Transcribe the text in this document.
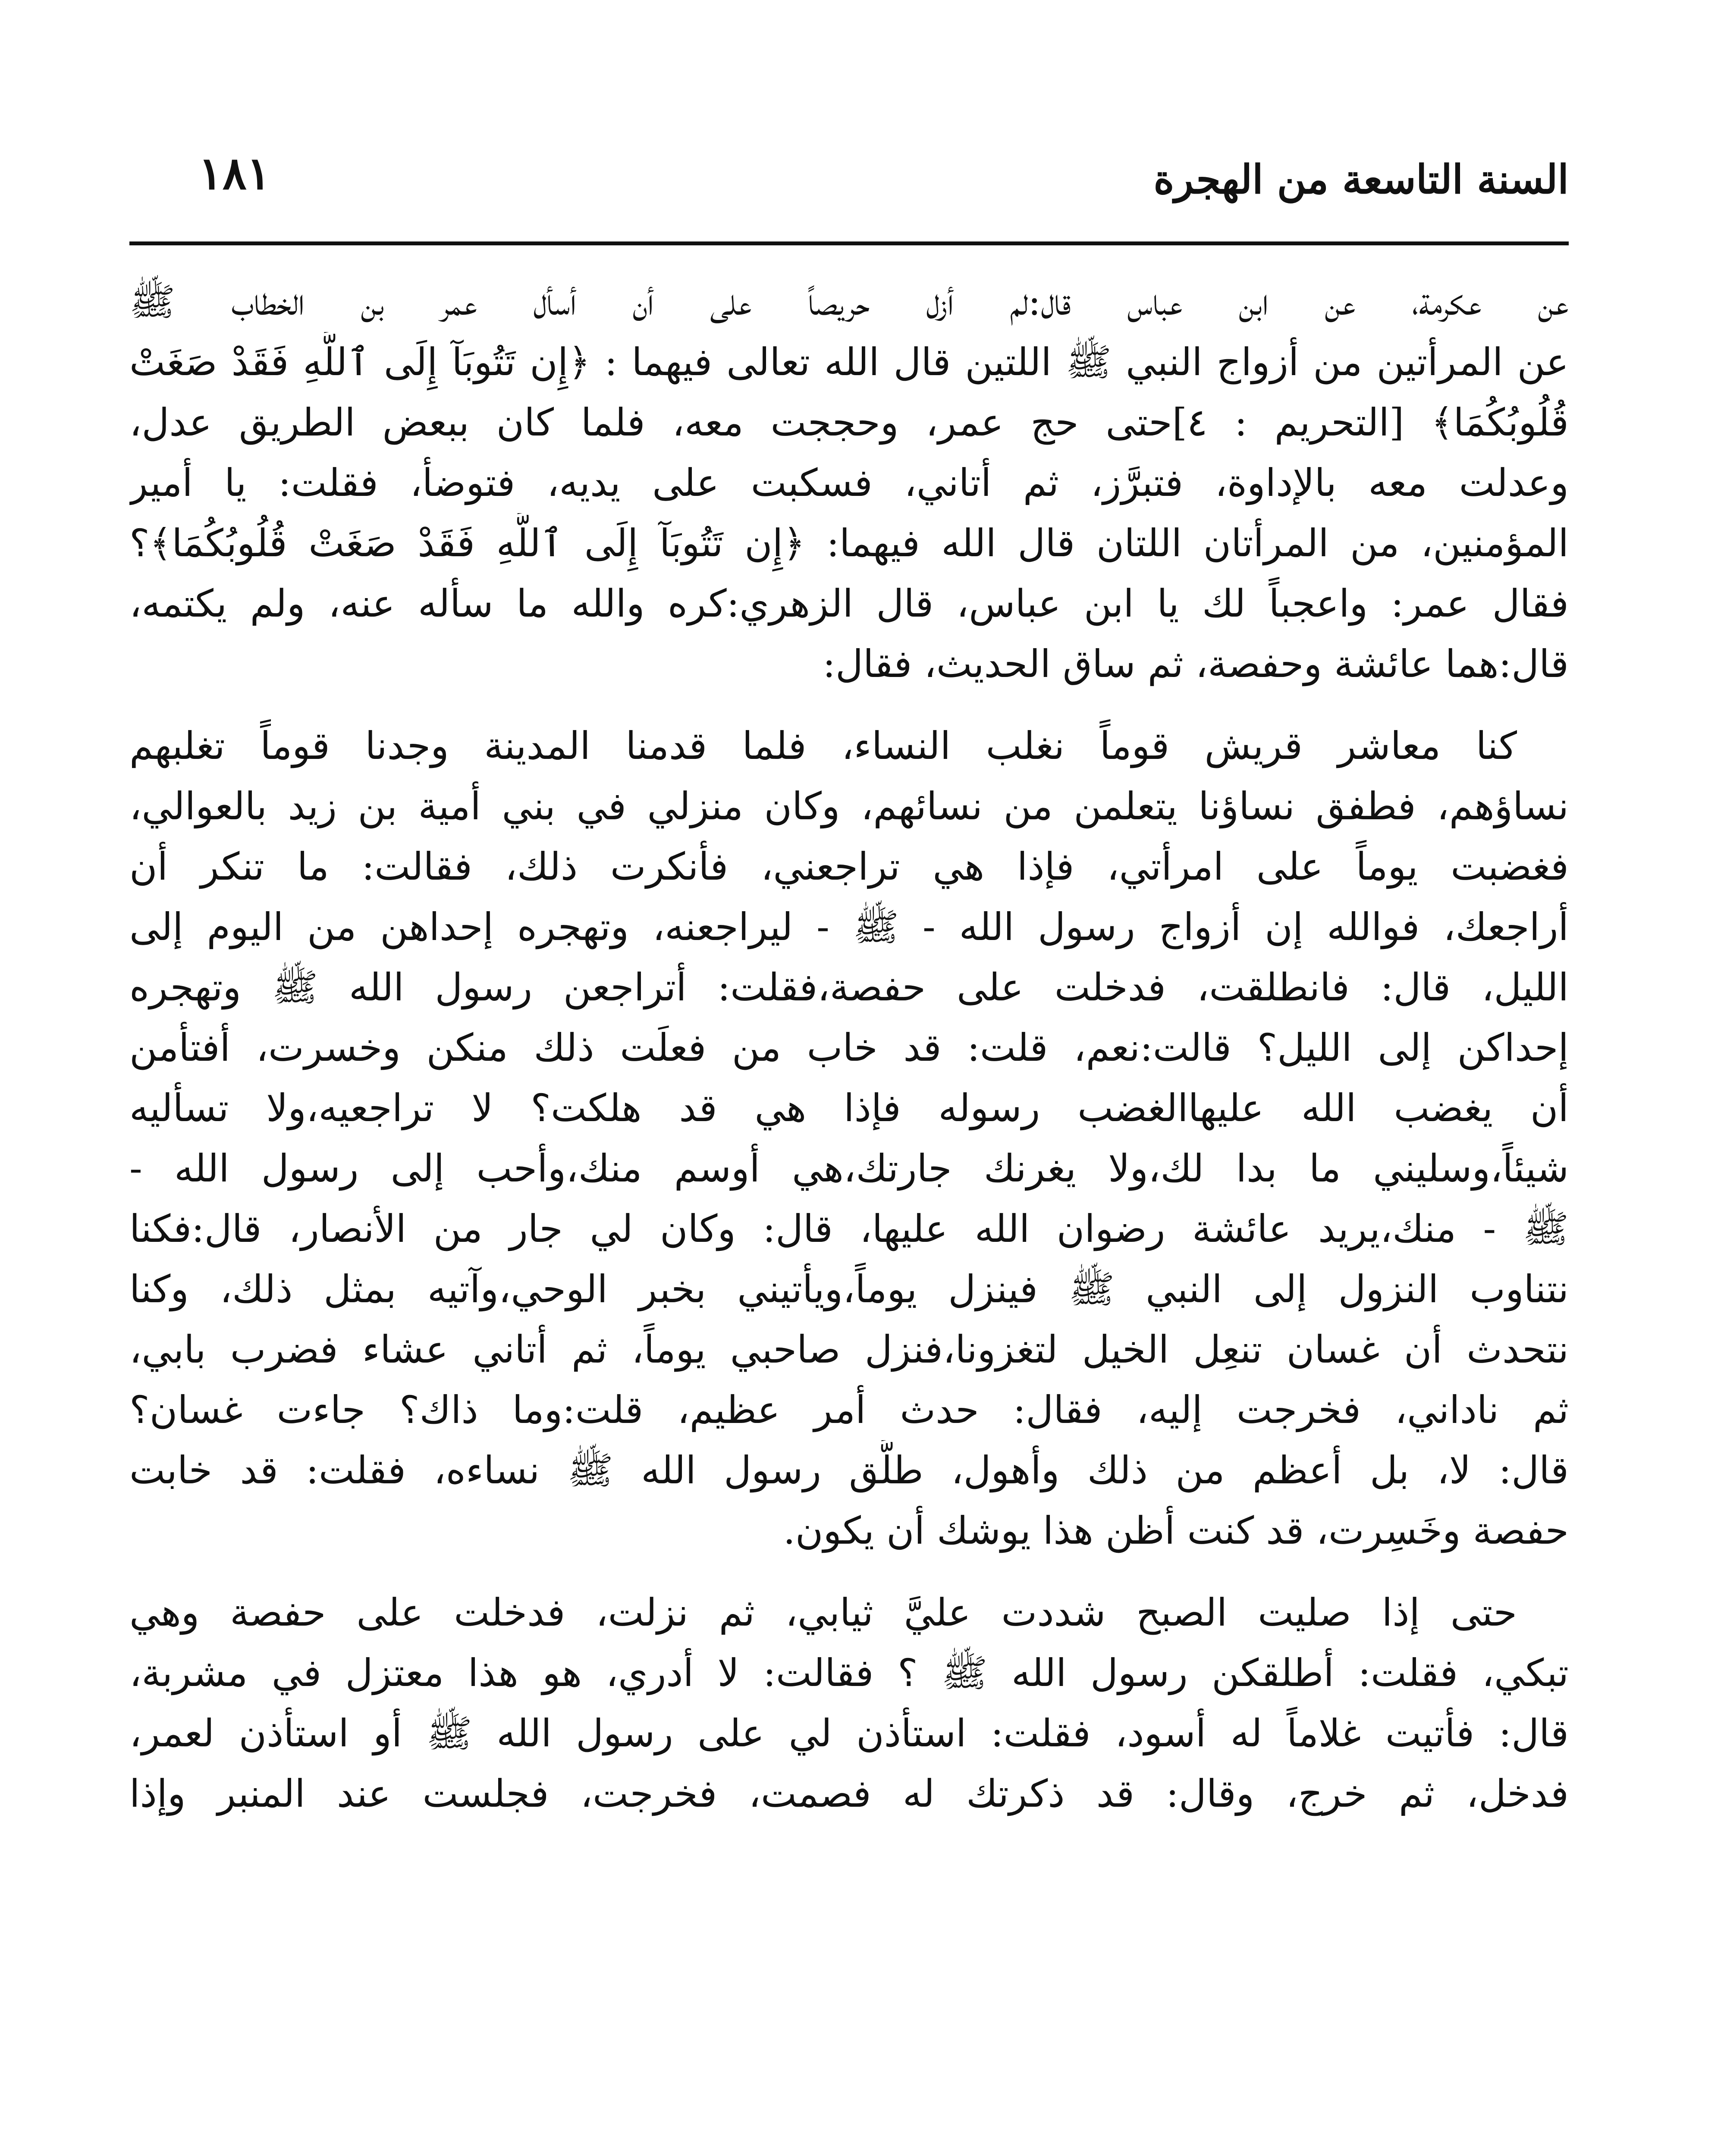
السنة التاسعة من الهجرة
١٨١

عن عكرمة، عن ابن عباس قال:لم أزل حريصاً على أن أسأل عمر بن الخطاب ﷺ
عن المرأتين من أزواج النبي ﷺ اللتين قال الله تعالى فيهما : ﴿إِن تَتُوبَآ إِلَى ٱللَّهِ فَقَدْ صَغَتْ
قُلُوبُكُمَا﴾ [التحريم : ٤]حتى حج عمر، وحججت معه، فلما كان ببعض الطريق عدل،
وعدلت معه بالإداوة، فتبرَّز، ثم أتاني، فسكبت على يديه، فتوضأ، فقلت: يا أمير
المؤمنين، من المرأتان اللتان قال الله فيهما: ﴿إِن تَتُوبَآ إِلَى ٱللَّهِ فَقَدْ صَغَتْ قُلُوبُكُمَا﴾؟
فقال عمر: واعجباً لك يا ابن عباس، قال الزهري:كره والله ما سأله عنه، ولم يكتمه،
قال:هما عائشة وحفصة، ثم ساق الحديث، فقال:

كنا معاشر قريش قوماً نغلب النساء، فلما قدمنا المدينة وجدنا قوماً تغلبهم
نساؤهم، فطفق نساؤنا يتعلمن من نسائهم، وكان منزلي في بني أمية بن زيد بالعوالي،
فغضبت يوماً على امرأتي، فإذا هي تراجعني، فأنكرت ذلك، فقالت: ما تنكر أن
أراجعك، فوالله إن أزواج رسول الله - ﷺ - ليراجعنه، وتهجره إحداهن من اليوم إلى
الليل، قال: فانطلقت، فدخلت على حفصة،فقلت: أتراجعن رسول الله ﷺ وتهجره
إحداكن إلى الليل؟ قالت:نعم، قلت: قد خاب من فعلَت ذلك منكن وخسرت، أفتأمن
أن يغضب الله عليهاالغضب رسوله فإذا هي قد هلكت؟ لا تراجعيه،ولا تسأليه
شيئاً،وسليني ما بدا لك،ولا يغرنك جارتك،هي أوسم منك،وأحب إلى رسول الله -
ﷺ - منك،يريد عائشة رضوان الله عليها، قال: وكان لي جار من الأنصار، قال:فكنا
نتناوب النزول إلى النبي ﷺ فينزل يوماً،ويأتيني بخبر الوحي،وآتيه بمثل ذلك، وكنا
نتحدث أن غسان تنعِل الخيل لتغزونا،فنزل صاحبي يوماً، ثم أتاني عشاء فضرب بابي،
ثم ناداني، فخرجت إليه، فقال: حدث أمر عظيم، قلت:وما ذاك؟ جاءت غسان؟
قال: لا، بل أعظم من ذلك وأهول، طلَّق رسول الله ﷺ نساءه، فقلت: قد خابت
حفصة وخَسِرت، قد كنت أظن هذا يوشك أن يكون.

حتى إذا صليت الصبح شددت عليَّ ثيابي، ثم نزلت، فدخلت على حفصة وهي
تبكي، فقلت: أطلقكن رسول الله ﷺ ؟ فقالت: لا أدري، هو هذا معتزل في مشربة،
قال: فأتيت غلاماً له أسود، فقلت: استأذن لي على رسول الله ﷺ أو استأذن لعمر،
فدخل، ثم خرج، وقال: قد ذكرتك له فصمت، فخرجت، فجلست عند المنبر وإذا
